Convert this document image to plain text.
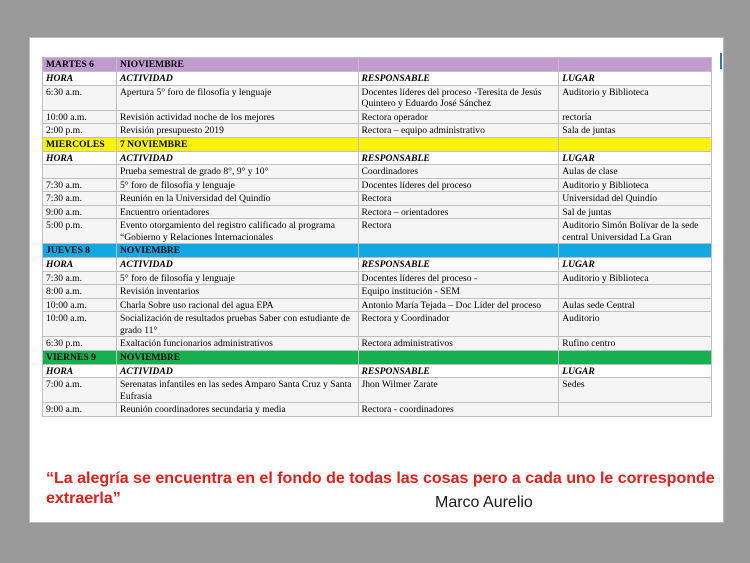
MARTES 6	NIOVIEMBRE		
HORA	ACTIVIDAD	RESPONSABLE	LUGAR
6:30 a.m.	Apertura 5° foro de filosofía y lenguaje	Docentes líderes del proceso -Teresita de Jesús Quintero y Eduardo José Sánchez	Auditorio y Biblioteca
10:00 a.m.	Revisión actividad noche de los mejores	Rectora operador	rectoría
2:00 p.m.	Revisión presupuesto 2019	Rectora – equipo administrativo	Sala de juntas
MIERCOLES	7 NOVIEMBRE		
HORA	ACTIVIDAD	RESPONSABLE	LUGAR
	Prueba semestral de grado 8°, 9° y 10°	Coordinadores	Aulas de clase
7:30 a.m.	5° foro de filosofía y lenguaje	Docentes líderes del proceso	Auditorio y Biblioteca
7:30 a.m.	Reunión en la Universidad del Quindío	Rectora	Universidad del Quindío
9:00 a.m.	Encuentro orientadores	Rectora – orientadores	Sal de juntas
5:00 p.m.	Evento otorgamiento del registro calificado al programa “Gobierno y Relaciones Internacionales	Rectora	Auditorio Simón Bolívar de la sede central Universidad La Gran
JUEVES 8	NOVIEMBRE		
HORA	ACTIVIDAD	RESPONSABLE	LUGAR
7:30 a.m.	5° foro de filosofía y lenguaje	Docentes líderes del proceso -	Auditorio y Biblioteca
8:00 a.m.	Revisión inventarios	Equipo institución - SEM	
10:00 a.m.	Charla Sobre uso racional del agua EPA	Antonio María Tejada – Doc Líder del proceso	Aulas sede Central
10:00 a.m.	Socialización de resultados pruebas Saber con estudiante de grado 11°	Rectora y Coordinador	Auditorio
6:30 p.m.	Exaltación funcionarios administrativos	Rectora administrativos	Rufino centro
VIERNES 9	NOVIEMBRE		
HORA	ACTIVIDAD	RESPONSABLE	LUGAR
7:00 a.m.	Serenatas infantiles en las sedes Amparo Santa Cruz y Santa Eufrasia	Jhon Wilmer Zarate	Sedes
9:00 a.m.	Reunión coordinadores secundaria y media	Rectora - coordinadores	
“La alegría se encuentra en el fondo de todas las cosas pero a cada uno le corresponde extraerla”	Marco Aurelio
